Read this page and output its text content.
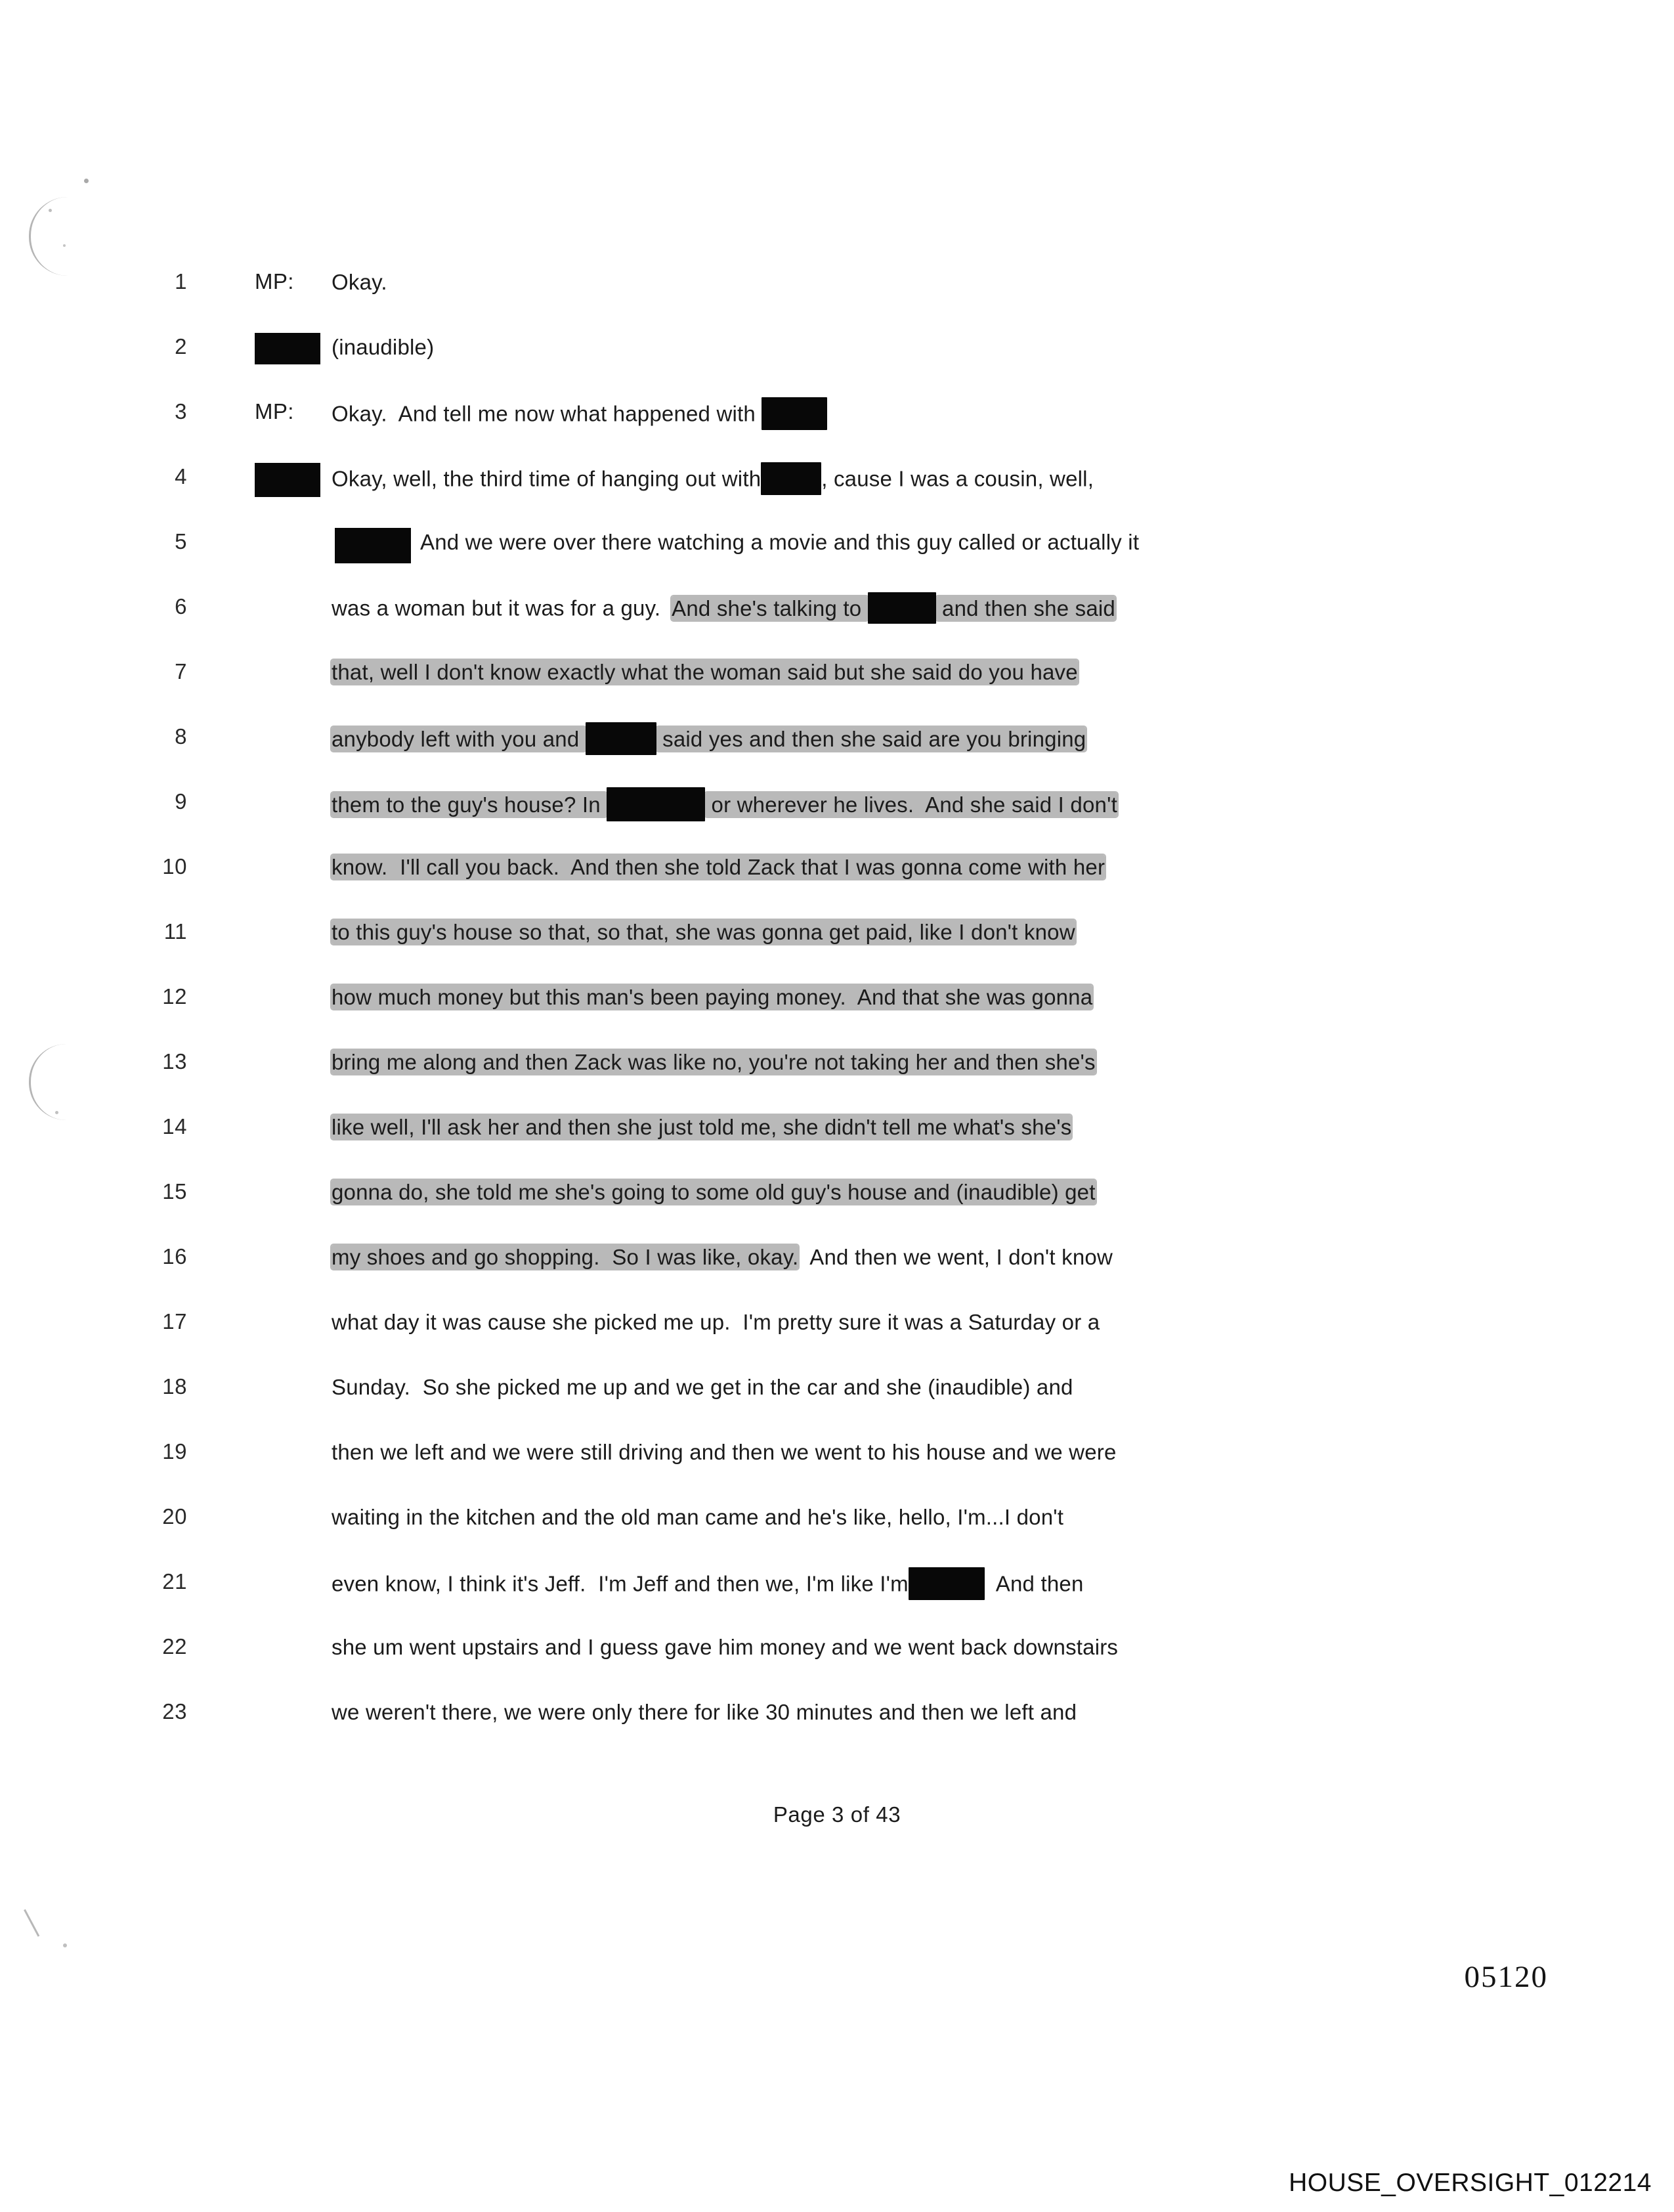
1	MP: Okay.
2	(inaudible)
3	MP: Okay.  And tell me now what happened with
4	Okay, well, the third time of hanging out with	, cause I was a cousin, well,
5	And we were over there watching a movie and this guy called or actually it
6	was a woman but it was for a guy.  And she's talking to	and then she said
7	that, well I don't know exactly what the woman said but she said do you have
8	anybody left with you and	said yes and then she said are you bringing
9	them to the guy's house? In	or wherever he lives.  And she said I don't
10	know.  I'll call you back.  And then she told Zack that I was gonna come with her
11	to this guy's house so that, so that, she was gonna get paid, like I don't know
12	how much money but this man's been paying money.  And that she was gonna
13	bring me along and then Zack was like no, you're not taking her and then she's
14	like well, I'll ask her and then she just told me, she didn't tell me what's she's
15	gonna do, she told me she's going to some old guy's house and (inaudible) get
16	my shoes and go shopping.  So I was like, okay.  And then we went, I don't know
17	what day it was cause she picked me up.  I'm pretty sure it was a Saturday or a
18	Sunday.  So she picked me up and we get in the car and she (inaudible) and
19	then we left and we were still driving and then we went to his house and we were
20	waiting in the kitchen and the old man came and he's like, hello, I'm...I don't
21	even know, I think it's Jeff.  I'm Jeff and then we, I'm like I'm	And then
22	she um went upstairs and I guess gave him money and we went back downstairs
23	we weren't there, we were only there for like 30 minutes and then we left and
Page 3 of 43
05120
HOUSE_OVERSIGHT_012214
